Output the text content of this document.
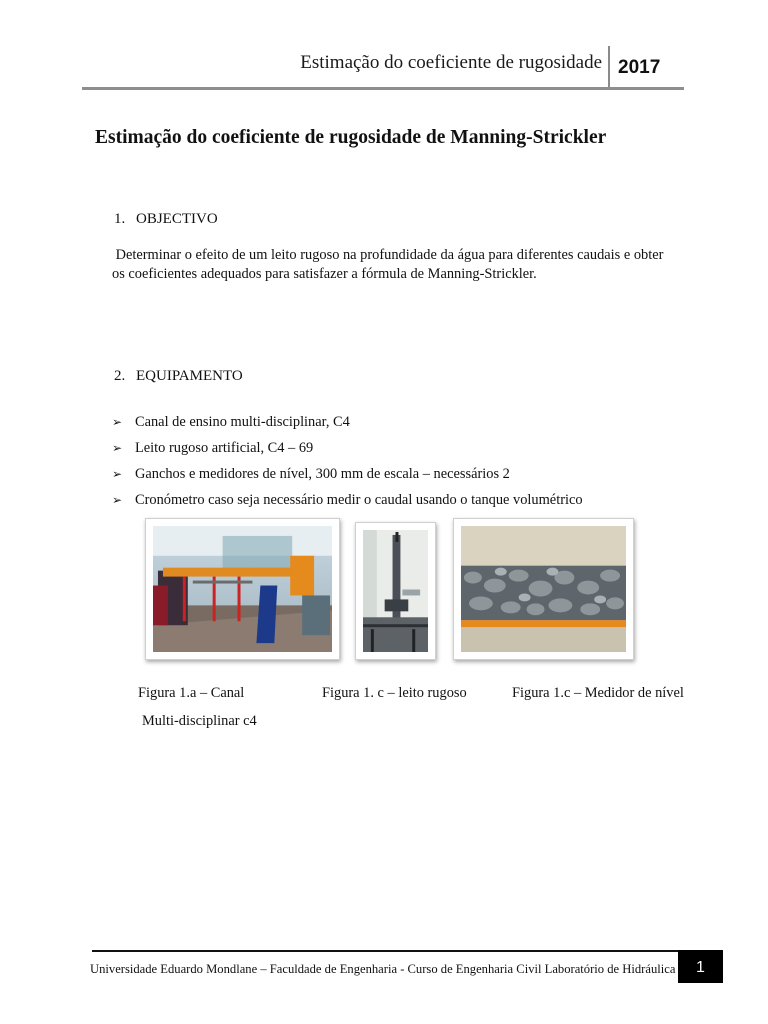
Estimação do coeficiente de rugosidade 2017
Estimação do coeficiente de rugosidade de Manning-Strickler
1. OBJECTIVO

Determinar o efeito de um leito rugoso na profundidade da água para diferentes caudais e obter
os coeficientes adequados para satisfazer a fórmula de Manning-Strickler.

2. EQUIPAMENTO
➢ Canal de ensino multi-disciplinar, C4
➢ Leito rugoso artificial, C4 – 69
➢ Ganchos e medidores de nível, 300 mm de escala – necessários 2
➢ Cronómetro caso seja necessário medir o caudal usando o tanque volumétrico
Figura 1.a – Canal
Multi-disciplinar c4
Figura 1. c – leito rugoso	Figura 1.c – Medidor de nível
Universidade Eduardo Mondlane – Faculdade de Engenharia - Curso de Engenharia Civil Laboratório de Hidráulica	1
